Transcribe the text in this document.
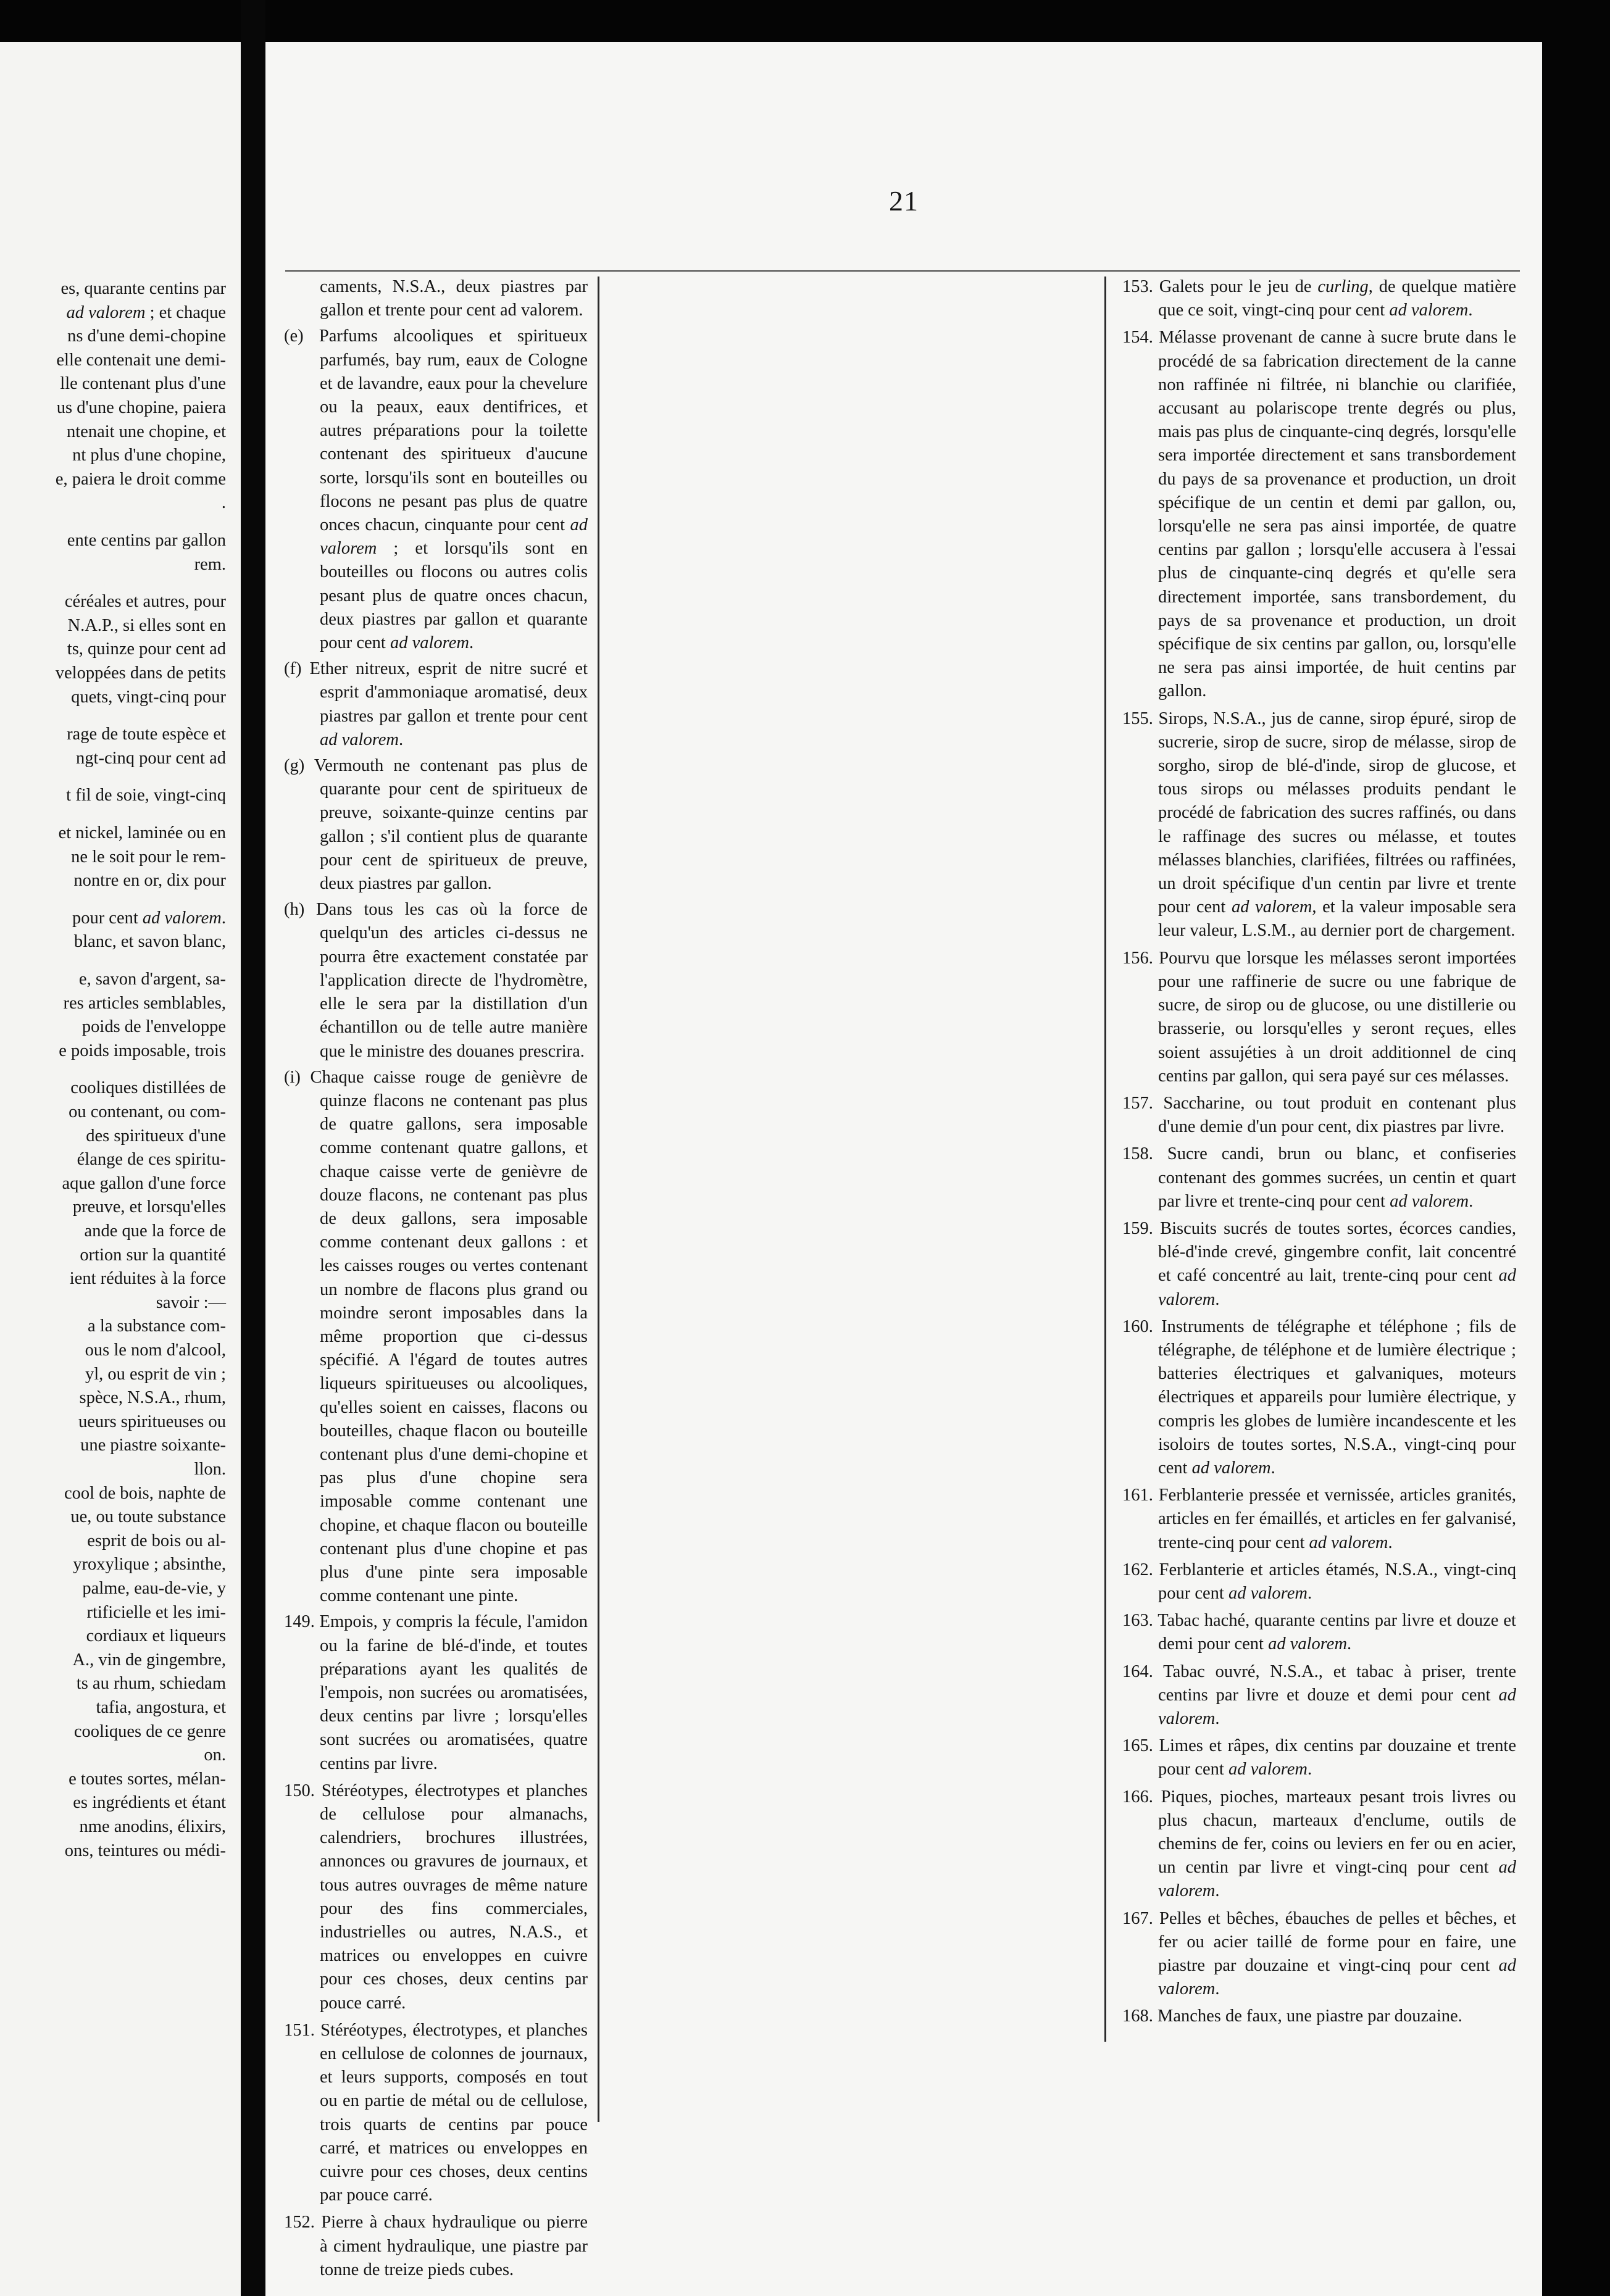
es, quarante centins par
ad valorem ; et chaque
ns d'une demi-chopine
elle contenait une demi-
lle contenant plus d'une
us d'une chopine, paiera
ntenait une chopine, et
nt plus d'une chopine,
e, paiera le droit comme
.
ente centins par gallon
rem.
céréales et autres, pour
N.A.P., si elles sont en
ts, quinze pour cent ad
veloppées dans de petits
quets, vingt-cinq pour
rage de toute espèce et
ngt-cinq pour cent ad
t fil de soie, vingt-cinq
et nickel, laminée ou en
ne le soit pour le rem-
nontre en or, dix pour
pour cent ad valorem.
blanc, et savon blanc,
e, savon d'argent, sa-
res articles semblables,
poids de l'enveloppe
e poids imposable, trois
cooliques distillées de
ou contenant, ou com-
des spiritueux d'une
élange de ces spiritu-
aque gallon d'une force
preuve, et lorsqu'elles
ande que la force de
ortion sur la quantité
ient réduites à la force
savoir :—
a la substance com-
ous le nom d'alcool,
yl, ou esprit de vin ;
spèce, N.S.A., rhum,
ueurs spiritueuses ou
une piastre soixante-
llon.
cool de bois, naphte de
ue, ou toute substance
esprit de bois ou al-
yroxylique ; absinthe,
palme, eau-de-vie, y
rtificielle et les imi-
cordiaux et liqueurs
A., vin de gingembre,
ts au rhum, schiedam
tafia, angostura, et
cooliques de ce genre
on.
e toutes sortes, mélan-
es ingrédients et étant
nme anodins, élixirs,
ons, teintures ou médi-
21

caments, N.S.A., deux piastres par gallon et trente pour cent ad valorem.

(e) Parfums alcooliques et spiritueux parfumés, bay rum, eaux de Cologne et de lavandre, eaux pour la chevelure ou la peaux, eaux dentifrices, et autres préparations pour la toilette contenant des spiritueux d'aucune sorte, lorsqu'ils sont en bouteilles ou flocons ne pesant pas plus de quatre onces chacun, cinquante pour cent ad valorem ; et lorsqu'ils sont en bouteilles ou flocons ou autres colis pesant plus de quatre onces chacun, deux piastres par gallon et quarante pour cent ad valorem.

(f) Ether nitreux, esprit de nitre sucré et esprit d'ammoniaque aromatisé, deux piastres par gallon et trente pour cent ad valorem.

(g) Vermouth ne contenant pas plus de quarante pour cent de spiritueux de preuve, soixante-quinze centins par gallon ; s'il contient plus de quarante pour cent de spiritueux de preuve, deux piastres par gallon.

(h) Dans tous les cas où la force de quelqu'un des articles ci-dessus ne pourra être exactement constatée par l'application directe de l'hydromètre, elle le sera par la distillation d'un échantillon ou de telle autre manière que le ministre des douanes prescrira.

(i) Chaque caisse rouge de genièvre de quinze flacons ne contenant pas plus de quatre gallons, sera imposable comme contenant quatre gallons, et chaque caisse verte de genièvre de douze flacons, ne contenant pas plus de deux gallons, sera imposable comme contenant deux gallons : et les caisses rouges ou vertes contenant un nombre de flacons plus grand ou moindre seront imposables dans la même proportion que ci-dessus spécifié. A l'égard de toutes autres liqueurs spiritueuses ou alcooliques, qu'elles soient en caisses, flacons ou bouteilles, chaque flacon ou bouteille contenant plus d'une demi-chopine et pas plus d'une chopine sera imposable comme contenant une chopine, et chaque flacon ou bouteille contenant plus d'une chopine et pas plus d'une pinte sera imposable comme contenant une pinte.

149. Empois, y compris la fécule, l'amidon ou la farine de blé-d'inde, et toutes préparations ayant les qualités de l'empois, non sucrées ou aromatisées, deux centins par livre ; lorsqu'elles sont sucrées ou aromatisées, quatre centins par livre.

150. Stéréotypes, électrotypes et planches de cellulose pour almanachs, calendriers, brochures illustrées, annonces ou gravures de journaux, et tous autres ouvrages de même nature pour des fins commerciales, industrielles ou autres, N.A.S., et matrices ou enveloppes en cuivre pour ces choses, deux centins par pouce carré.

151. Stéréotypes, électrotypes, et planches en cellulose de colonnes de journaux, et leurs supports, composés en tout ou en partie de métal ou de cellulose, trois quarts de centins par pouce carré, et matrices ou enveloppes en cuivre pour ces choses, deux centins par pouce carré.

152. Pierre à chaux hydraulique ou pierre à ciment hydraulique, une piastre par tonne de treize pieds cubes.

153. Galets pour le jeu de curling, de quelque matière que ce soit, vingt-cinq pour cent ad valorem.

154. Mélasse provenant de canne à sucre brute dans le procédé de sa fabrication directement de la canne non raffinée ni filtrée, ni blanchie ou clarifiée, accusant au polariscope trente degrés ou plus, mais pas plus de cinquante-cinq degrés, lorsqu'elle sera importée directement et sans transbordement du pays de sa provenance et production, un droit spécifique de un centin et demi par gallon, ou, lorsqu'elle ne sera pas ainsi importée, de quatre centins par gallon ; lorsqu'elle accusera à l'essai plus de cinquante-cinq degrés et qu'elle sera directement importée, sans transbordement, du pays de sa provenance et production, un droit spécifique de six centins par gallon, ou, lorsqu'elle ne sera pas ainsi importée, de huit centins par gallon.

155. Sirops, N.S.A., jus de canne, sirop épuré, sirop de sucrerie, sirop de sucre, sirop de mélasse, sirop de sorgho, sirop de blé-d'inde, sirop de glucose, et tous sirops ou mélasses produits pendant le procédé de fabrication des sucres raffinés, ou dans le raffinage des sucres ou mélasse, et toutes mélasses blanchies, clarifiées, filtrées ou raffinées, un droit spécifique d'un centin par livre et trente pour cent ad valorem, et la valeur imposable sera leur valeur, L.S.M., au dernier port de chargement.

156. Pourvu que lorsque les mélasses seront importées pour une raffinerie de sucre ou une fabrique de sucre, de sirop ou de glucose, ou une distillerie ou brasserie, ou lorsqu'elles y seront reçues, elles soient assujéties à un droit additionnel de cinq centins par gallon, qui sera payé sur ces mélasses.

157. Saccharine, ou tout produit en contenant plus d'une demie d'un pour cent, dix piastres par livre.

158. Sucre candi, brun ou blanc, et confiseries contenant des gommes sucrées, un centin et quart par livre et trente-cinq pour cent ad valorem.

159. Biscuits sucrés de toutes sortes, écorces candies, blé-d'inde crevé, gingembre confit, lait concentré et café concentré au lait, trente-cinq pour cent ad valorem.

160. Instruments de télégraphe et téléphone ; fils de télégraphe, de téléphone et de lumière électrique ; batteries électriques et galvaniques, moteurs électriques et appareils pour lumière électrique, y compris les globes de lumière incandescente et les isoloirs de toutes sortes, N.S.A., vingt-cinq pour cent ad valorem.

161. Ferblanterie pressée et vernissée, articles granités, articles en fer émaillés, et articles en fer galvanisé, trente-cinq pour cent ad valorem.

162. Ferblanterie et articles étamés, N.S.A., vingt-cinq pour cent ad valorem.

163. Tabac haché, quarante centins par livre et douze et demi pour cent ad valorem.

164. Tabac ouvré, N.S.A., et tabac à priser, trente centins par livre et douze et demi pour cent ad valorem.

165. Limes et râpes, dix centins par douzaine et trente pour cent ad valorem.

166. Piques, pioches, marteaux pesant trois livres ou plus chacun, marteaux d'enclume, outils de chemins de fer, coins ou leviers en fer ou en acier, un centin par livre et vingt-cinq pour cent ad valorem.

167. Pelles et bêches, ébauches de pelles et bêches, et fer ou acier taillé de forme pour en faire, une piastre par douzaine et vingt-cinq pour cent ad valorem.

168. Manches de faux, une piastre par douzaine.
